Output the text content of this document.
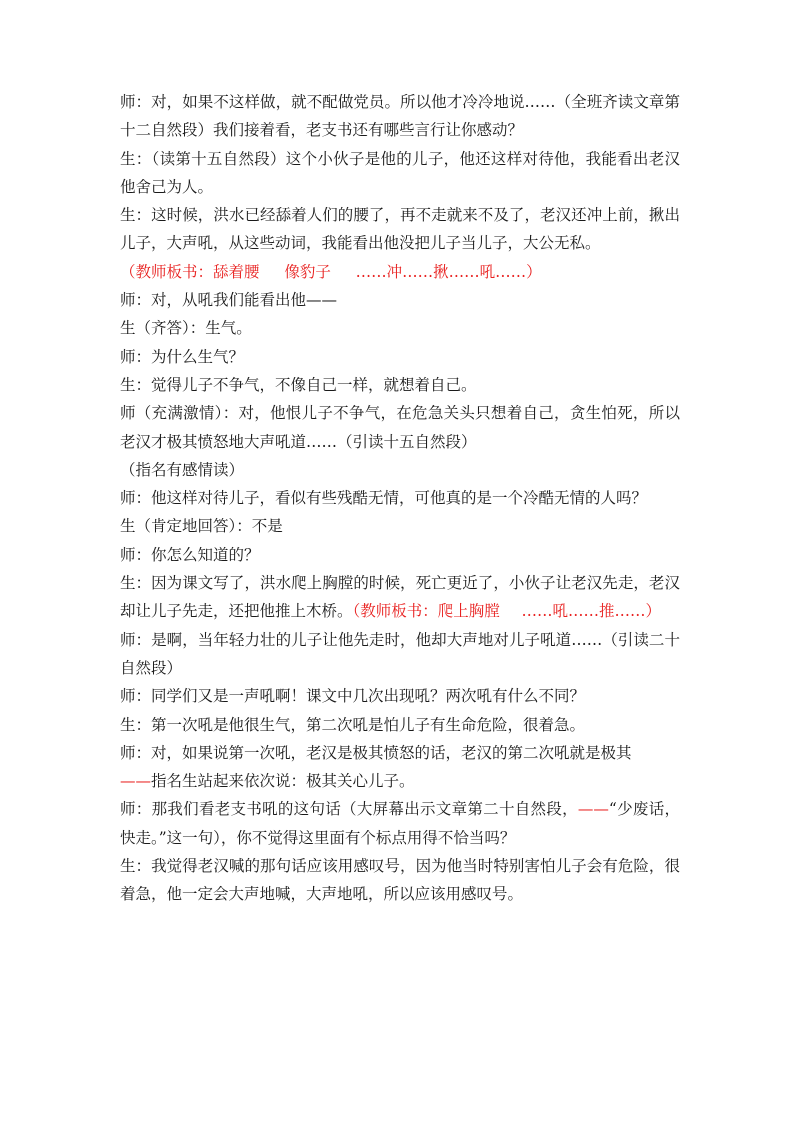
师：对，如果不这样做，就不配做党员。所以他才冷冷地说……（全班齐读文章第十二自然段）我们接着看，老支书还有哪些言行让你感动？

生：（读第十五自然段）这个小伙子是他的儿子，他还这样对待他，我能看出老汉他舍己为人。

生：这时候，洪水已经舔着人们的腰了，再不走就来不及了，老汉还冲上前，揪出儿子，大声吼，从这些动词，我能看出他没把儿子当儿子，大公无私。

（教师板书：舔着腰 像豹子 ……冲……揪……吼……）

师：对，从吼我们能看出他——

生（齐答）：生气。

师：为什么生气？

生：觉得儿子不争气，不像自己一样，就想着自己。

师（充满激情）：对，他恨儿子不争气，在危急关头只想着自己，贪生怕死，所以老汉才极其愤怒地大声吼道……（引读十五自然段）

（指名有感情读）

师：他这样对待儿子，看似有些残酷无情，可他真的是一个冷酷无情的人吗？

生（肯定地回答）：不是

师：你怎么知道的？

生：因为课文写了，洪水爬上胸膛的时候，死亡更近了，小伙子让老汉先走，老汉却让儿子先走，还把他推上木桥。（教师板书：爬上胸膛 ……吼……推……）

师：是啊，当年轻力壮的儿子让他先走时，他却大声地对儿子吼道……（引读二十自然段）

师：同学们又是一声吼啊！课文中几次出现吼？两次吼有什么不同？

生：第一次吼是他很生气，第二次吼是怕儿子有生命危险，很着急。

师：对，如果说第一次吼，老汉是极其愤怒的话，老汉的第二次吼就是极其

——指名生站起来依次说：极其关心儿子。

师：那我们看老支书吼的这句话（大屏幕出示文章第二十自然段，——“少废话，快走。”这一句），你不觉得这里面有个标点用得不恰当吗？

生：我觉得老汉喊的那句话应该用感叹号，因为他当时特别害怕儿子会有危险，很着急，他一定会大声地喊，大声地吼，所以应该用感叹号。
